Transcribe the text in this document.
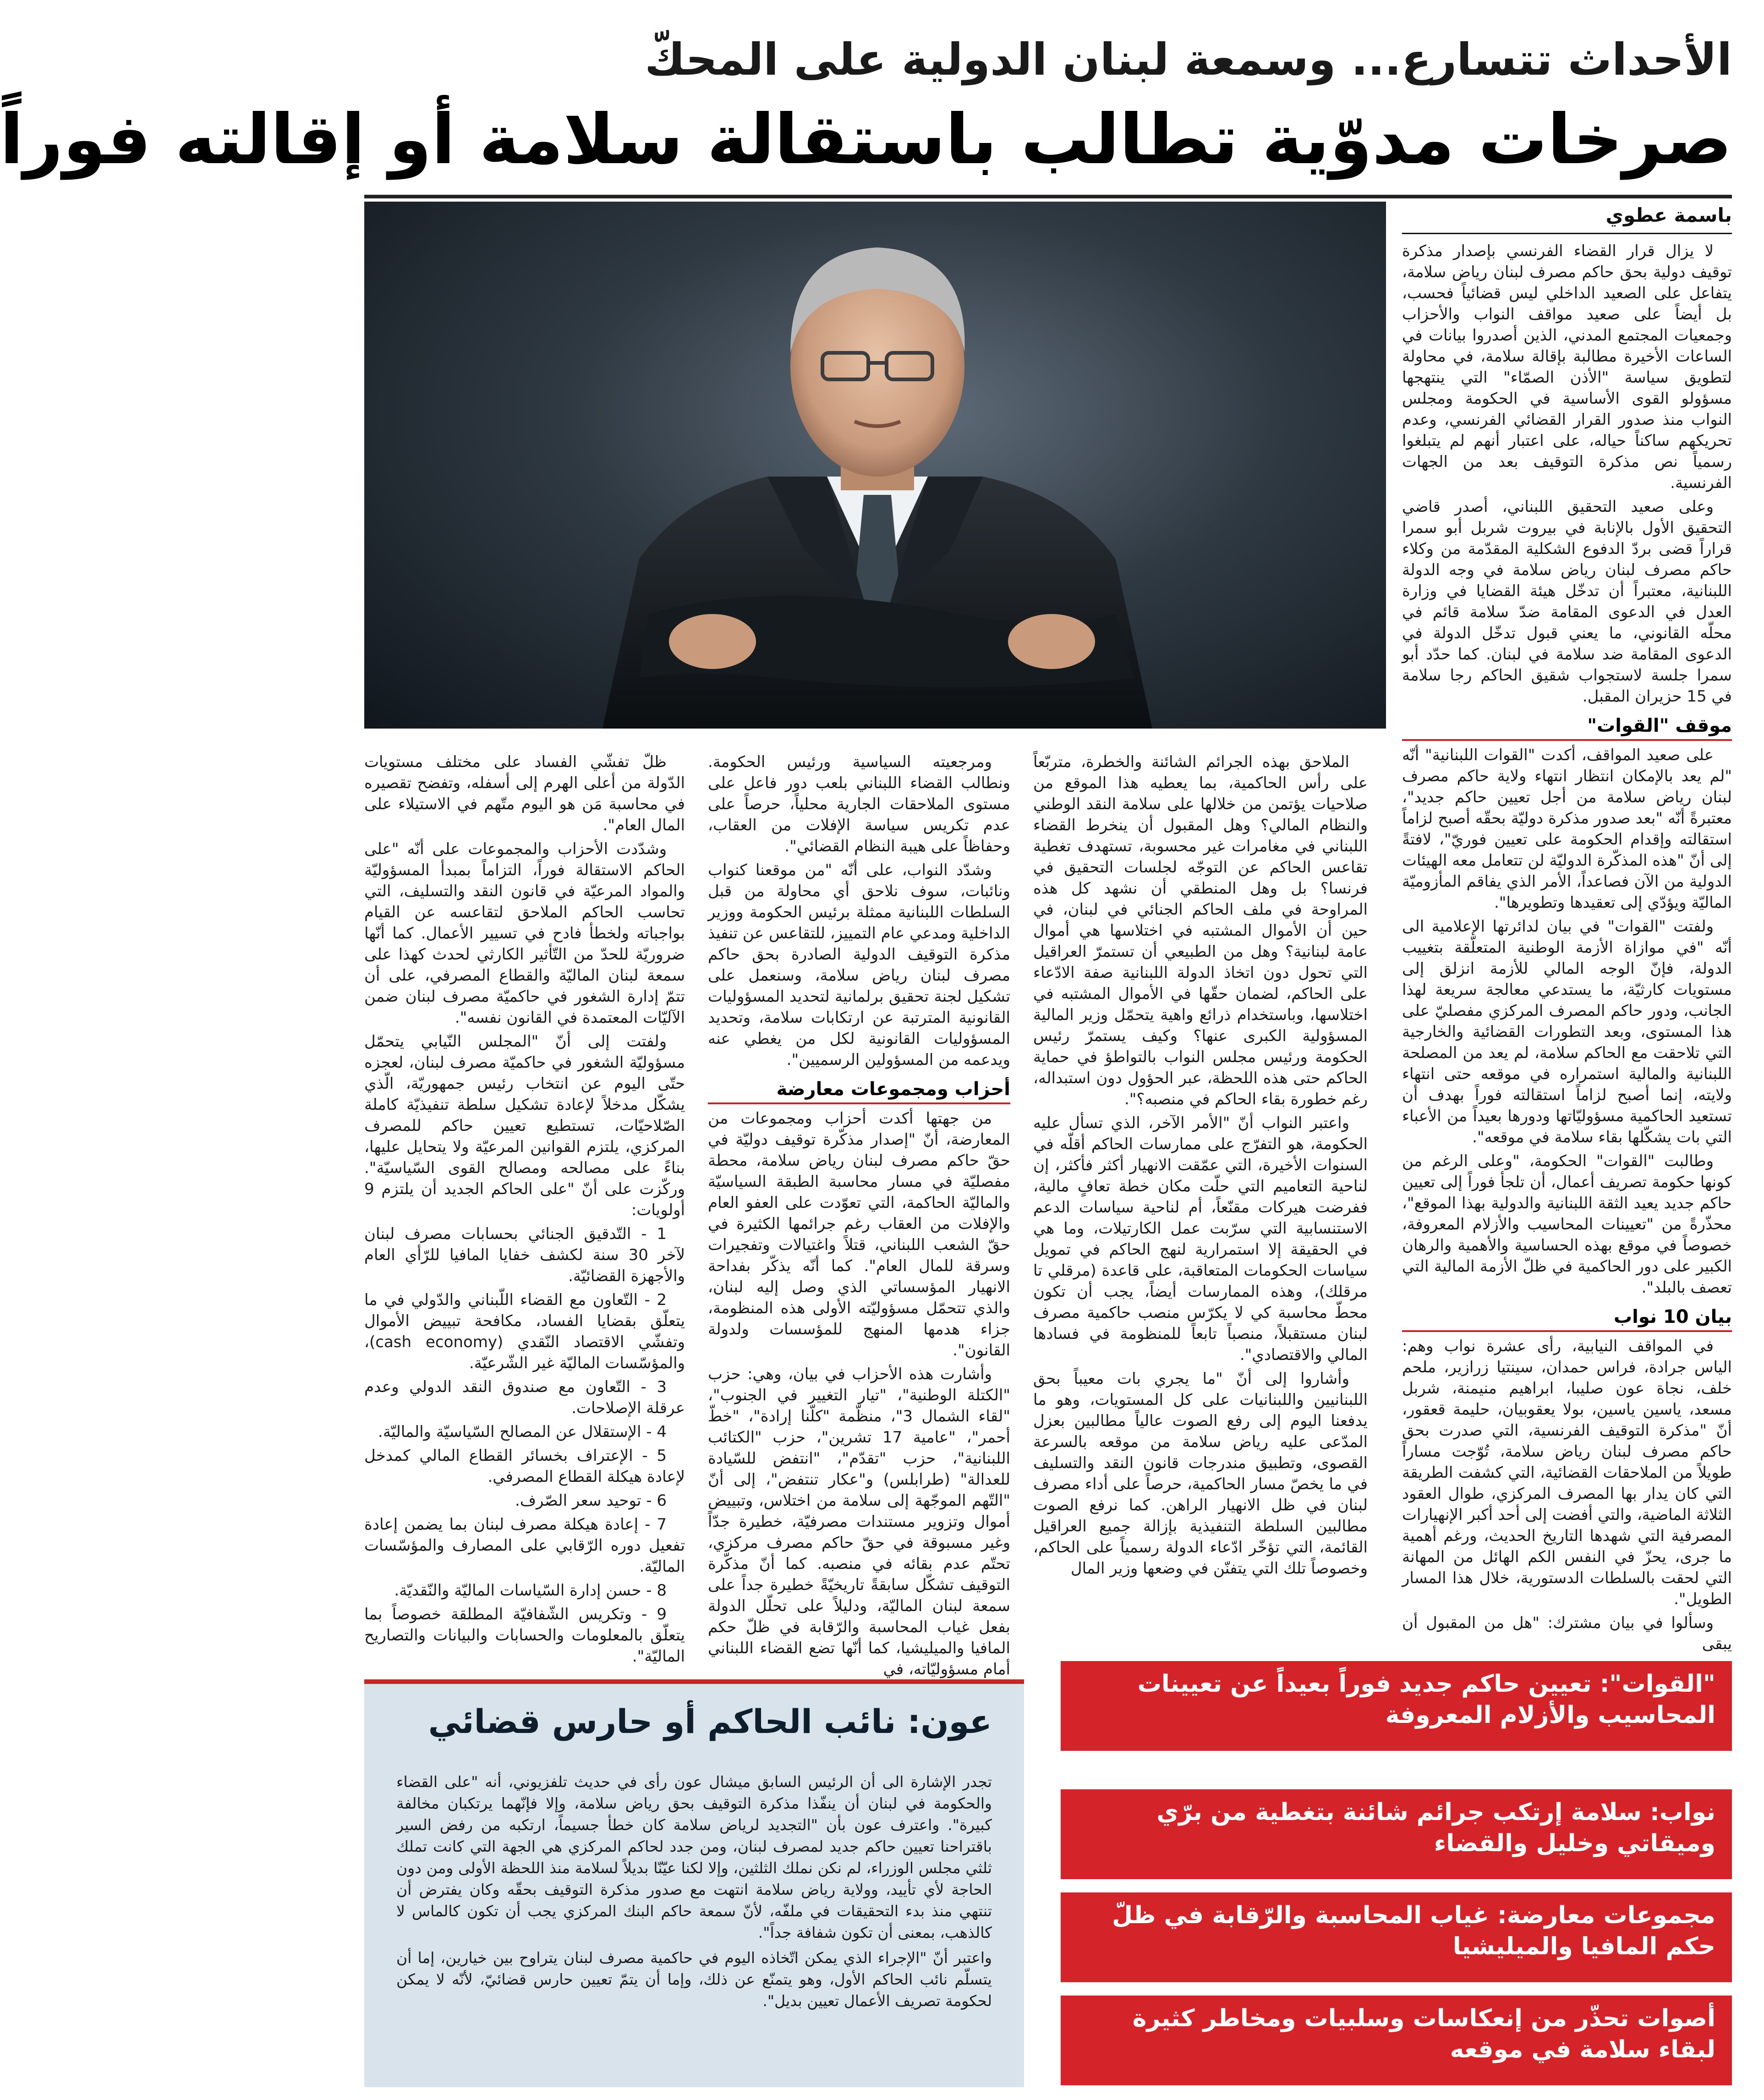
الأحداث تتسارع... وسمعة لبنان الدولية على المحكّ
صرخات مدوّية تطالب باستقالة سلامة أو إقالته فوراً
باسمة عطوي

لا يزال قرار القضاء الفرنسي بإصدار مذكرة توقيف دولية بحق حاكم مصرف لبنان رياض سلامة، يتفاعل على الصعيد الداخلي ليس قضائياً فحسب، بل أيضاً على صعيد مواقف النواب والأحزاب وجمعيات المجتمع المدني، الذين أصدروا بيانات في الساعات الأخيرة مطالبة بإقالة سلامة، في محاولة لتطويق سياسة "الأذن الصمّاء" التي ينتهجها مسؤولو القوى الأساسية في الحكومة ومجلس النواب منذ صدور القرار القضائي الفرنسي، وعدم تحريكهم ساكناً حياله، على اعتبار أنهم لم يتبلغوا رسمياً نص مذكرة التوقيف بعد من الجهات الفرنسية.

وعلى صعيد التحقيق اللبناني، أصدر قاضي التحقيق الأول بالإنابة في بيروت شربل أبو سمرا قراراً قضى بردّ الدفوع الشكلية المقدّمة من وكلاء حاكم مصرف لبنان رياض سلامة في وجه الدولة اللبنانية، معتبراً أن تدخّل هيئة القضايا في وزارة العدل في الدعوى المقامة ضدّ سلامة قائم في محلّه القانوني، ما يعني قبول تدخّل الدولة في الدعوى المقامة ضد سلامة في لبنان. كما حدّد أبو سمرا جلسة لاستجواب شقيق الحاكم رجا سلامة في 15 حزيران المقبل.

موقف "القوات"

على صعيد المواقف، أكدت "القوات اللبنانية" أنّه "لم يعد بالإمكان انتظار انتهاء ولاية حاكم مصرف لبنان رياض سلامة من أجل تعيين حاكم جديد"، معتبرةً أنّه "بعد صدور مذكرة دوليّة بحقّه أصبح لزاماً استقالته وإقدام الحكومة على تعيين فوريّ"، لافتةً إلى أنّ "هذه المذكّرة الدوليّة لن تتعامل معه الهيئات الدولية من الآن فصاعداً، الأمر الذي يفاقم المأزوميّة الماليّة ويؤدّي إلى تعقيدها وتطويرها".

ولفتت "القوات" في بيان لدائرتها الإعلامية الى أنّه "في موازاة الأزمة الوطنية المتعلّقة بتغييب الدولة، فإنّ الوجه المالي للأزمة انزلق إلى مستويات كارثيّة، ما يستدعي معالجة سريعة لهذا الجانب، ودور حاكم المصرف المركزي مفصليّ على هذا المستوى، وبعد التطورات القضائية والخارجية التي تلاحقت مع الحاكم سلامة، لم يعد من المصلحة اللبنانية والمالية استمراره في موقعه حتى انتهاء ولايته، إنما أصبح لزاماً استقالته فوراً بهدف أن تستعيد الحاكمية مسؤوليّاتها ودورها بعيداً من الأعباء التي بات يشكّلها بقاء سلامة في موقعه".

وطالبت "القوات" الحكومة، "وعلى الرغم من كونها حكومة تصريف أعمال، أن تلجأ فوراً إلى تعيين حاكم جديد يعيد الثقة اللبنانية والدولية بهذا الموقع"، محذّرةً من "تعيينات المحاسيب والأزلام المعروفة، خصوصاً في موقع بهذه الحساسية والأهمية والرهان الكبير على دور الحاكمية في ظلّ الأزمة المالية التي تعصف بالبلد".

بيان 10 نواب

في المواقف النيابية، رأى عشرة نواب وهم: الياس جرادة، فراس حمدان، سينتيا زرازير، ملحم خلف، نجاة عون صليبا، ابراهيم منيمنة، شربل مسعد، ياسين ياسين، بولا يعقوبيان، حليمة قعقور، أنّ "مذكرة التوقيف الفرنسية، التي صدرت بحق حاكم مصرف لبنان رياض سلامة، تُوّجت مساراً طويلاً من الملاحقات القضائية، التي كشفت الطريقة التي كان يدار بها المصرف المركزي، طوال العقود الثلاثة الماضية، والتي أفضت إلى أحد أكبر الإنهيارات المصرفية التي شهدها التاريخ الحديث، ورغم أهمية ما جرى، يحزّ في النفس الكم الهائل من المهانة التي لحقت بالسلطات الدستورية، خلال هذا المسار الطويل".

وسألوا في بيان مشترك: "هل من المقبول أن يبقى

الملاحق بهذه الجرائم الشائنة والخطرة، متربّعاً على رأس الحاكمية، بما يعطيه هذا الموقع من صلاحيات يؤتمن من خلالها على سلامة النقد الوطني والنظام المالي؟ وهل المقبول أن ينخرط القضاء اللبناني في مغامرات غير محسوبة، تستهدف تغطية تقاعس الحاكم عن التوجّه لجلسات التحقيق في فرنسا؟ بل وهل المنطقي أن نشهد كل هذه المراوحة في ملف الحاكم الجنائي في لبنان، في حين أن الأموال المشتبه في اختلاسها هي أموال عامة لبنانية؟ وهل من الطبيعي أن تستمرّ العراقيل التي تحول دون اتخاذ الدولة اللبنانية صفة الادّعاء على الحاكم، لضمان حقّها في الأموال المشتبه في اختلاسها، وباستخدام ذرائع واهية يتحمّل وزير المالية المسؤولية الكبرى عنها؟ وكيف يستمرّ رئيس الحكومة ورئيس مجلس النواب بالتواطؤ في حماية الحاكم حتى هذه اللحظة، عبر الحؤول دون استبداله، رغم خطورة بقاء الحاكم في منصبه؟".

واعتبر النواب أنّ "الأمر الآخر، الذي تسأل عليه الحكومة، هو التفرّج على ممارسات الحاكم أقلّه في السنوات الأخيرة، التي عمّقت الانهيار أكثر فأكثر، إن لناحية التعاميم التي حلّت مكان خطة تعافٍ مالية، ففرضت هيركات مقنّعاً، أم لناحية سياسات الدعم الاستنسابية التي سرّبت عمل الكارتيلات، وما هي في الحقيقة إلا استمرارية لنهج الحاكم في تمويل سياسات الحكومات المتعاقبة، على قاعدة (مرقلي تا مرقلك)، وهذه الممارسات أيضاً، يجب أن تكون محطّ محاسبة كي لا يكرّس منصب حاكمية مصرف لبنان مستقبلاً، منصباً تابعاً للمنظومة في فسادها المالي والاقتصادي".

وأشاروا إلى أنّ "ما يجري بات معيباً بحق اللبنانيين واللبنانيات على كل المستويات، وهو ما يدفعنا اليوم إلى رفع الصوت عالياً مطالبين بعزل المدّعى عليه رياض سلامة من موقعه بالسرعة القصوى، وتطبيق مندرجات قانون النقد والتسليف في ما يخصّ مسار الحاكمية، حرصاً على أداء مصرف لبنان في ظل الانهيار الراهن. كما نرفع الصوت مطالبين السلطة التنفيذية بإزالة جميع العراقيل القائمة، التي تؤخّر ادّعاء الدولة رسمياً على الحاكم، وخصوصاً تلك التي يتفنّن في وضعها وزير المال

ومرجعيته السياسية ورئيس الحكومة. ونطالب القضاء اللبناني بلعب دور فاعل على مستوى الملاحقات الجارية محلياً، حرصاً على عدم تكريس سياسة الإفلات من العقاب، وحفاظاً على هيبة النظام القضائي".

وشدّد النواب، على أنّه "من موقعنا كنواب ونائبات، سوف نلاحق أي محاولة من قبل السلطات اللبنانية ممثلة برئيس الحكومة ووزير الداخلية ومدعي عام التمييز، للتقاعس عن تنفيذ مذكرة التوقيف الدولية الصادرة بحق حاكم مصرف لبنان رياض سلامة، وسنعمل على تشكيل لجنة تحقيق برلمانية لتحديد المسؤوليات القانونية المترتبة عن ارتكابات سلامة، وتحديد المسؤوليات القانونية لكل من يغطي عنه ويدعمه من المسؤولين الرسميين".

أحزاب ومجموعات معارضة

من جهتها أكدت أحزاب ومجموعات من المعارضة، أنّ "إصدار مذكّرة توقيف دوليّة في حقّ حاكم مصرف لبنان رياض سلامة، محطة مفصليّة في مسار محاسبة الطبقة السياسيّة والماليّة الحاكمة، التي تعوّدت على العفو العام والإفلات من العقاب رغم جرائمها الكثيرة في حقّ الشعب اللبناني، قتلاً واغتيالات وتفجيرات وسرقة للمال العام". كما أنّه يذكّر بفداحة الانهيار المؤسساتي الذي وصل إليه لبنان، والذي تتحمّل مسؤوليّته الأولى هذه المنظومة، جزاء هدمها المنهج للمؤسسات ولدولة القانون".

وأشارت هذه الأحزاب في بيان، وهي: حزب "الكتلة الوطنية"، "تيار التغيير في الجنوب"، "لقاء الشمال 3"، منظّمة "كلّنا إرادة"، "خطّ أحمر"، "عامية 17 تشرين"، حزب "الكتائب اللبنانية"، حزب "تقدّم"، "انتفض للسّيادة للعدالة" (طرابلس) و"عكار تنتفض"، إلى أنّ "التّهم الموجّهة إلى سلامة من اختلاس، وتبييض أموال وتزوير مستندات مصرفيّة، خطيرة جدّاً وغير مسبوقة في حقّ حاكم مصرف مركزي، تحتّم عدم بقائه في منصبه. كما أنّ مذكّرة التوقيف تشكّل سابقةً تاريخيّةً خطيرة جداً على سمعة لبنان الماليّة، ودليلاً على تحلّل الدولة بفعل غياب المحاسبة والرّقابة في ظلّ حكم المافيا والميليشيا، كما أنّها تضع القضاء اللبناني أمام مسؤوليّاته، في

ظلّ تفشّي الفساد على مختلف مستويات الدّولة من أعلى الهرم إلى أسفله، وتفضح تقصيره في محاسبة مَن هو اليوم متّهم في الاستيلاء على المال العام".

وشدّدت الأحزاب والمجموعات على أنّه "على الحاكم الاستقالة فوراً، التزاماً بمبدأ المسؤوليّة والمواد المرعيّة في قانون النقد والتسليف، التي تحاسب الحاكم الملاحق لتقاعسه عن القيام بواجباته ولخطأ فادح في تسيير الأعمال. كما أنّها ضروريّة للحدّ من التّأثير الكارثي لحدث كهذا على سمعة لبنان الماليّة والقطاع المصرفي، على أن تتمّ إدارة الشغور في حاكميّة مصرف لبنان ضمن الآليّات المعتمدة في القانون نفسه".

ولفتت إلى أنّ "المجلس النّيابي يتحمّل مسؤوليّة الشغور في حاكميّة مصرف لبنان، لعجزه حتّى اليوم عن انتخاب رئيس جمهوريّة، الّذي يشكّل مدخلاً لإعادة تشكيل سلطة تنفيذيّة كاملة الصّلاحيّات، تستطيع تعيين حاكم للمصرف المركزي، يلتزم القوانين المرعيّة ولا يتحايل عليها، بناءً على مصالحه ومصالح القوى السّياسيّة". وركّزت على أنّ "على الحاكم الجديد أن يلتزم 9 أولويات:

1 - التّدقيق الجنائي بحسابات مصرف لبنان لآخر 30 سنة لكشف خفايا المافيا للرّأي العام والأجهزة القضائيّة.

2 - التّعاون مع القضاء اللّبناني والدّولي في ما يتعلّق بقضايا الفساد، مكافحة تبييض الأموال وتفشّي الاقتصاد النّقدي (cash economy)، والمؤسّسات الماليّة غير الشّرعيّة.

3 - التّعاون مع صندوق النقد الدولي وعدم عرقلة الإصلاحات.

4 - الإستقلال عن المصالح السّياسيّة والماليّة.

5 - الإعتراف بخسائر القطاع المالي كمدخل لإعادة هيكلة القطاع المصرفي.

6 - توحيد سعر الصّرف.

7 - إعادة هيكلة مصرف لبنان بما يضمن إعادة تفعيل دوره الرّقابي على المصارف والمؤسّسات الماليّة.

8 - حسن إدارة السّياسات الماليّة والنّقديّة.

9 - وتكريس الشّفافيّة المطلقة خصوصاً بما يتعلّق بالمعلومات والحسابات والبيانات والتصاريح الماليّة".

عون: نائب الحاكم أو حارس قضائي

تجدر الإشارة الى أن الرئيس السابق ميشال عون رأى في حديث تلفزيوني، أنه "على القضاء والحكومة في لبنان أن ينفّذا مذكرة التوقيف بحق رياض سلامة، وإلا فإنّهما يرتكبان مخالفة كبيرة". واعترف عون بأن "التجديد لرياض سلامة كان خطأ جسيماً، ارتكبه من رفض السير باقتراحنا تعيين حاكم جديد لمصرف لبنان، ومن جدد لحاكم المركزي هي الجهة التي كانت تملك ثلثي مجلس الوزراء، لم نكن نملك الثلثين، وإلا لكنا عيّنّا بديلاً لسلامة منذ اللحظة الأولى ومن دون الحاجة لأي تأييد، وولاية رياض سلامة انتهت مع صدور مذكرة التوقيف بحقّه وكان يفترض أن تنتهي منذ بدء التحقيقات في ملفّه، لأنّ سمعة حاكم البنك المركزي يجب أن تكون كالماس لا كالذهب، بمعنى أن تكون شفافة جداً".

واعتبر أنّ "الإجراء الذي يمكن اتّخاذه اليوم في حاكمية مصرف لبنان يتراوح بين خيارين، إما أن يتسلّم نائب الحاكم الأول، وهو يتمنّع عن ذلك، وإما أن يتمّ تعيين حارس قضائيّ، لأنّه لا يمكن لحكومة تصريف الأعمال تعيين بديل".

"القوات": تعيين حاكم جديد فوراً بعيداً عن تعيينات المحاسيب والأزلام المعروفة
نواب: سلامة إرتكب جرائم شائنة بتغطية من برّي وميقاتي وخليل والقضاء
مجموعات معارضة: غياب المحاسبة والرّقابة في ظلّ حكم المافيا والميليشيا
أصوات تحذّر من إنعكاسات وسلبيات ومخاطر كثيرة لبقاء سلامة في موقعه
